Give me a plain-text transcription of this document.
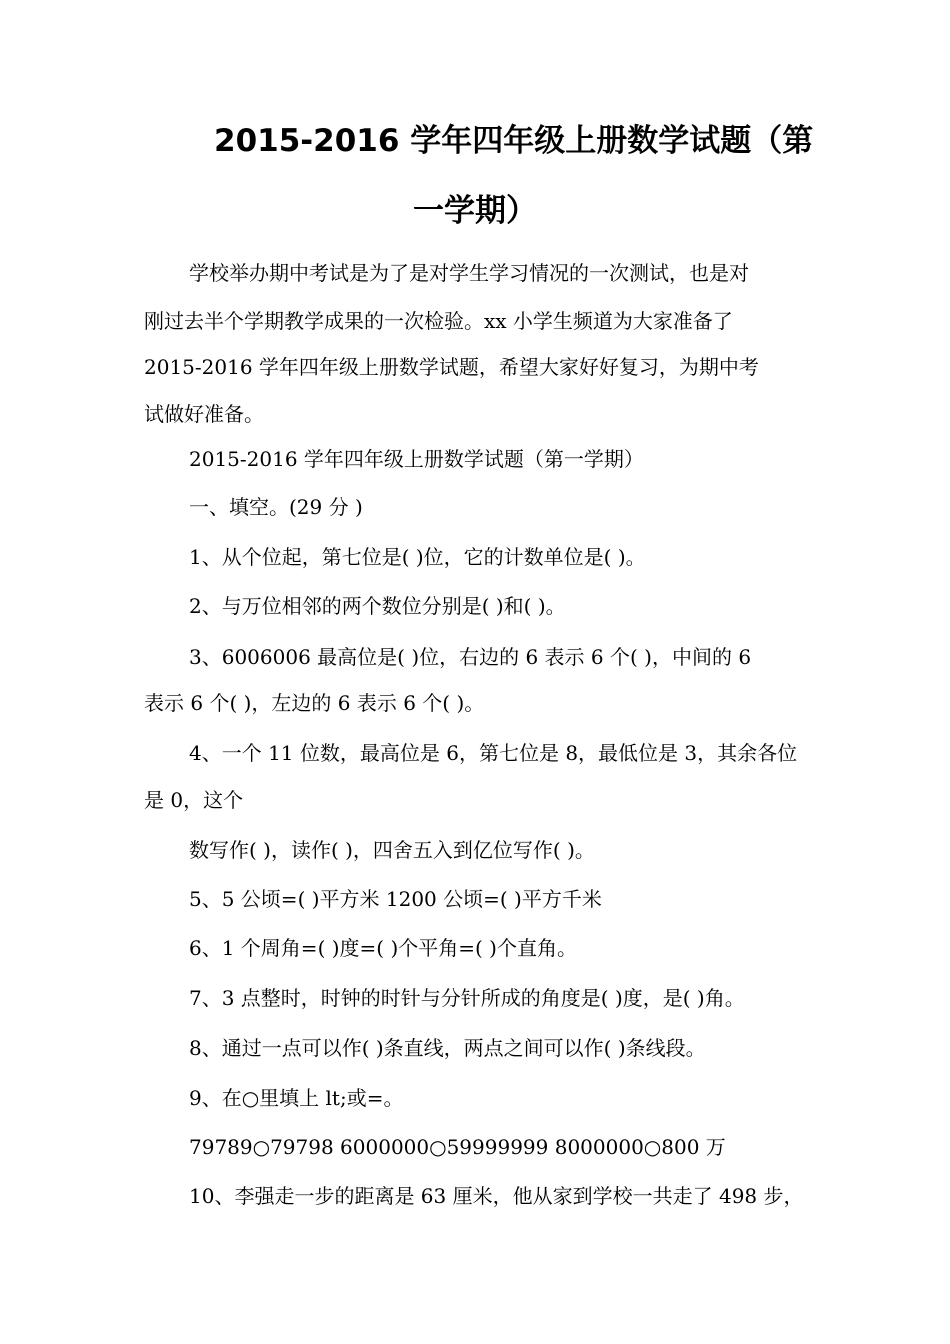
2015-2016 学年四年级上册数学试题（第
一学期）
学校举办期中考试是为了是对学生学习情况的一次测试，也是对
刚过去半个学期教学成果的一次检验。xx 小学生频道为大家准备了
2015-2016 学年四年级上册数学试题，希望大家好好复习，为期中考
试做好准备。
2015-2016 学年四年级上册数学试题（第一学期）
一、填空。(29 分 )
1、从个位起，第七位是( )位，它的计数单位是( )。
2、与万位相邻的两个数位分别是( )和( )。
3、6006006 最高位是( )位，右边的 6 表示 6 个( )，中间的 6
表示 6 个( )，左边的 6 表示 6 个( )。
4、一个 11 位数，最高位是 6，第七位是 8，最低位是 3，其余各位
是 0，这个
数写作( )，读作( )，四舍五入到亿位写作( )。
5、5 公顷=( )平方米 1200 公顷=( )平方千米
6、1 个周角=( )度=( )个平角=( )个直角。
7、3 点整时，时钟的时针与分针所成的角度是( )度，是( )角。
8、通过一点可以作( )条直线，两点之间可以作( )条线段。
9、在○里填上 lt;或=。
79789○79798 6000000○59999999 8000000○800 万
10、李强走一步的距离是 63 厘米，他从家到学校一共走了 498 步，
